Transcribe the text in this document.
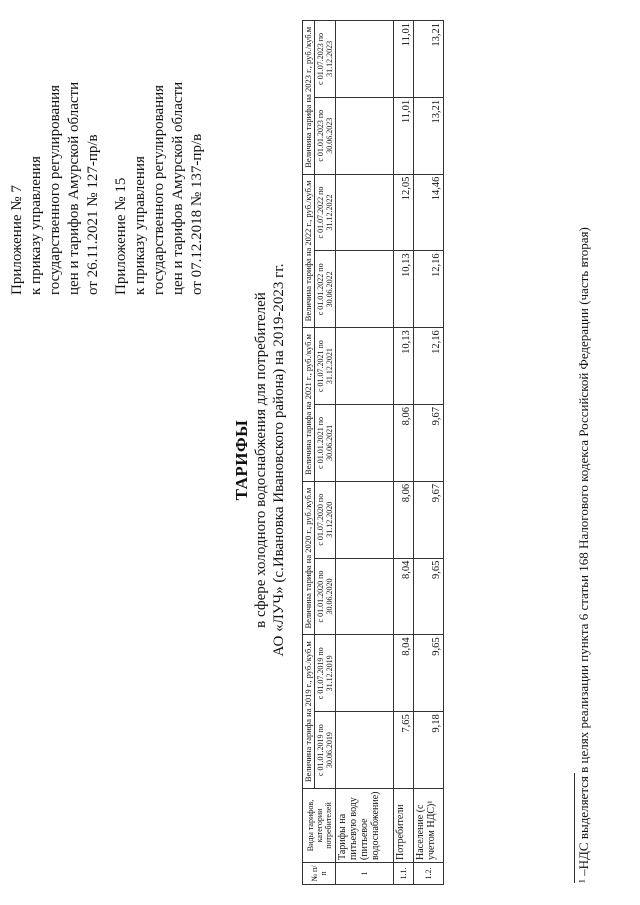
Приложение № 7 к приказу управления государственного регулирования цен и тарифов Амурской области от 26.11.2021 № 127-пр/в Приложение № 15 к приказу управления государственного регулирования цен и тарифов Амурской области от 07.12.2018 № 137-пр/в
ТАРИФЫ в сфере холодного водоснабжения для потребителей АО «ЛУЧ» (с.Ивановка Ивановского района) на 2019-2023 гг.
№ п/п	Виды тарифов, категории потребителей	Величина тарифа на 2019 г., руб./куб.м		Величина тарифа на 2020 г., руб./куб.м		Величина тарифа на 2021 г., руб./куб.м		Величина тарифа на 2022 г., руб./куб.м		Величина тарифа на 2023 г., руб./куб.м	
		с 01.01.2019 по 30.06.2019	с 01.07.2019 по 31.12.2019	с 01.01.2020 по 30.06.2020	с 01.07.2020 по 31.12.2020	с 01.01.2021 по 30.06.2021	с 01.07.2021 по 31.12.2021	с 01.01.2022 по 30.06.2022	с 01.07.2022 по 31.12.2022	с 01.01.2023 по 30.06.2023	с 01.07.2023 по 31.12.2023
1	Тарифы на питьевую воду (питьевое водоснабжение)										
1.1.	Потребители	7,65	8,04	8,04	8,06	8,06	10,13	10,13	12,05	11,01	11,01
1.2.	Население (с учетом НДС)¹	9,18	9,65	9,65	9,67	9,67	12,16	12,16	14,46	13,21	13,21
¹ –НДС выделяется в целях реализации пункта 6 статьи 168 Налогового кодекса Российской Федерации (часть вторая)
